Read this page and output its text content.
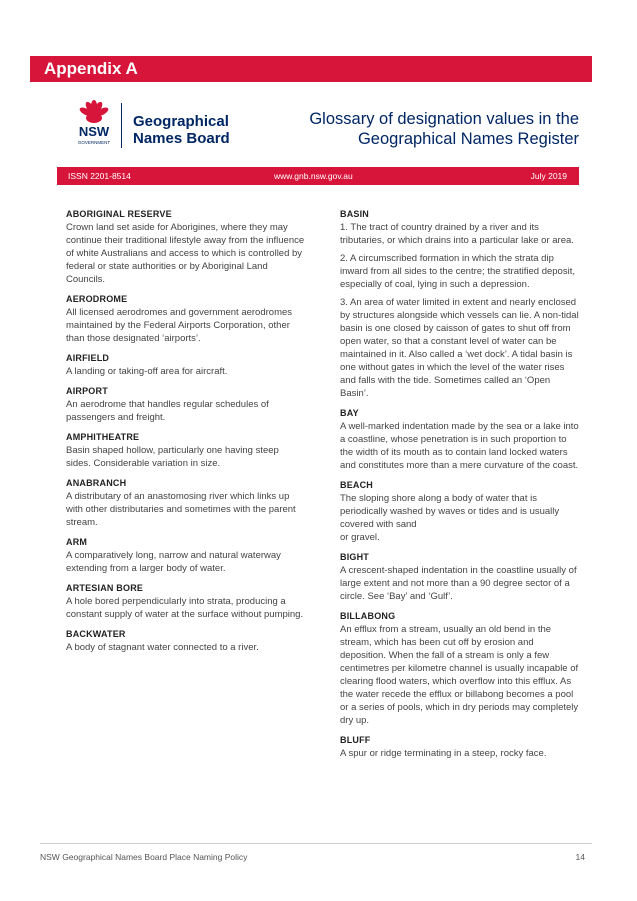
Appendix A
NSW
GOVERNMENT
Geographical
Names Board
Glossary of designation values in the
Geographical Names Register
ISSN 2201-8514	www.gnb.nsw.gov.au	July 2019
ABORIGINAL RESERVE
Crown land set aside for Aborigines, where they may continue their traditional lifestyle away from the influence of white Australians and access to which is controlled by federal or state authorities or by Aboriginal Land Councils.
AERODROME
All licensed aerodromes and government aerodromes maintained by the Federal Airports Corporation, other than those designated ‘airports’.
AIRFIELD
A landing or taking-off area for aircraft.
AIRPORT
An aerodrome that handles regular schedules of passengers and freight.
AMPHITHEATRE
Basin shaped hollow, particularly one having steep sides. Considerable variation in size.
ANABRANCH
A distributary of an anastomosing river which links up with other distributaries and sometimes with the parent stream.
ARM
A comparatively long, narrow and natural waterway extending from a larger body of water.
ARTESIAN BORE
A hole bored perpendicularly into strata, producing a constant supply of water at the surface without pumping.
BACKWATER
A body of stagnant water connected to a river.
BASIN
1. The tract of country drained by a river and its tributaries, or which drains into a particular lake or area.
2. A circumscribed formation in which the strata dip inward from all sides to the centre; the stratified deposit, especially of coal, lying in such a depression.
3. An area of water limited in extent and nearly enclosed by structures alongside which vessels can lie. A non-tidal basin is one closed by caisson of gates to shut off from open water, so that a constant level of water can be maintained in it. Also called a ‘wet dock’. A tidal basin is one without gates in which the level of the water rises and falls with the tide. Sometimes called an ‘Open Basin’.
BAY
A well-marked indentation made by the sea or a lake into a coastline, whose penetration is in such proportion to the width of its mouth as to contain land locked waters and constitutes more than a mere curvature of the coast.
BEACH
The sloping shore along a body of water that is periodically washed by waves or tides and is usually covered with sand
or gravel.
BIGHT
A crescent-shaped indentation in the coastline usually of large extent and not more than a 90 degree sector of a circle. See ‘Bay’ and ‘Gulf’.
BILLABONG
An efflux from a stream, usually an old bend in the stream, which has been cut off by erosion and deposition. When the fall of a stream is only a few centimetres per kilometre channel is usually incapable of clearing flood waters, which overflow into this efflux. As the water recede the efflux or billabong becomes a pool or a series of pools, which in dry periods may completely dry up.
BLUFF
A spur or ridge terminating in a steep, rocky face.
NSW Geographical Names Board Place Naming Policy	14
